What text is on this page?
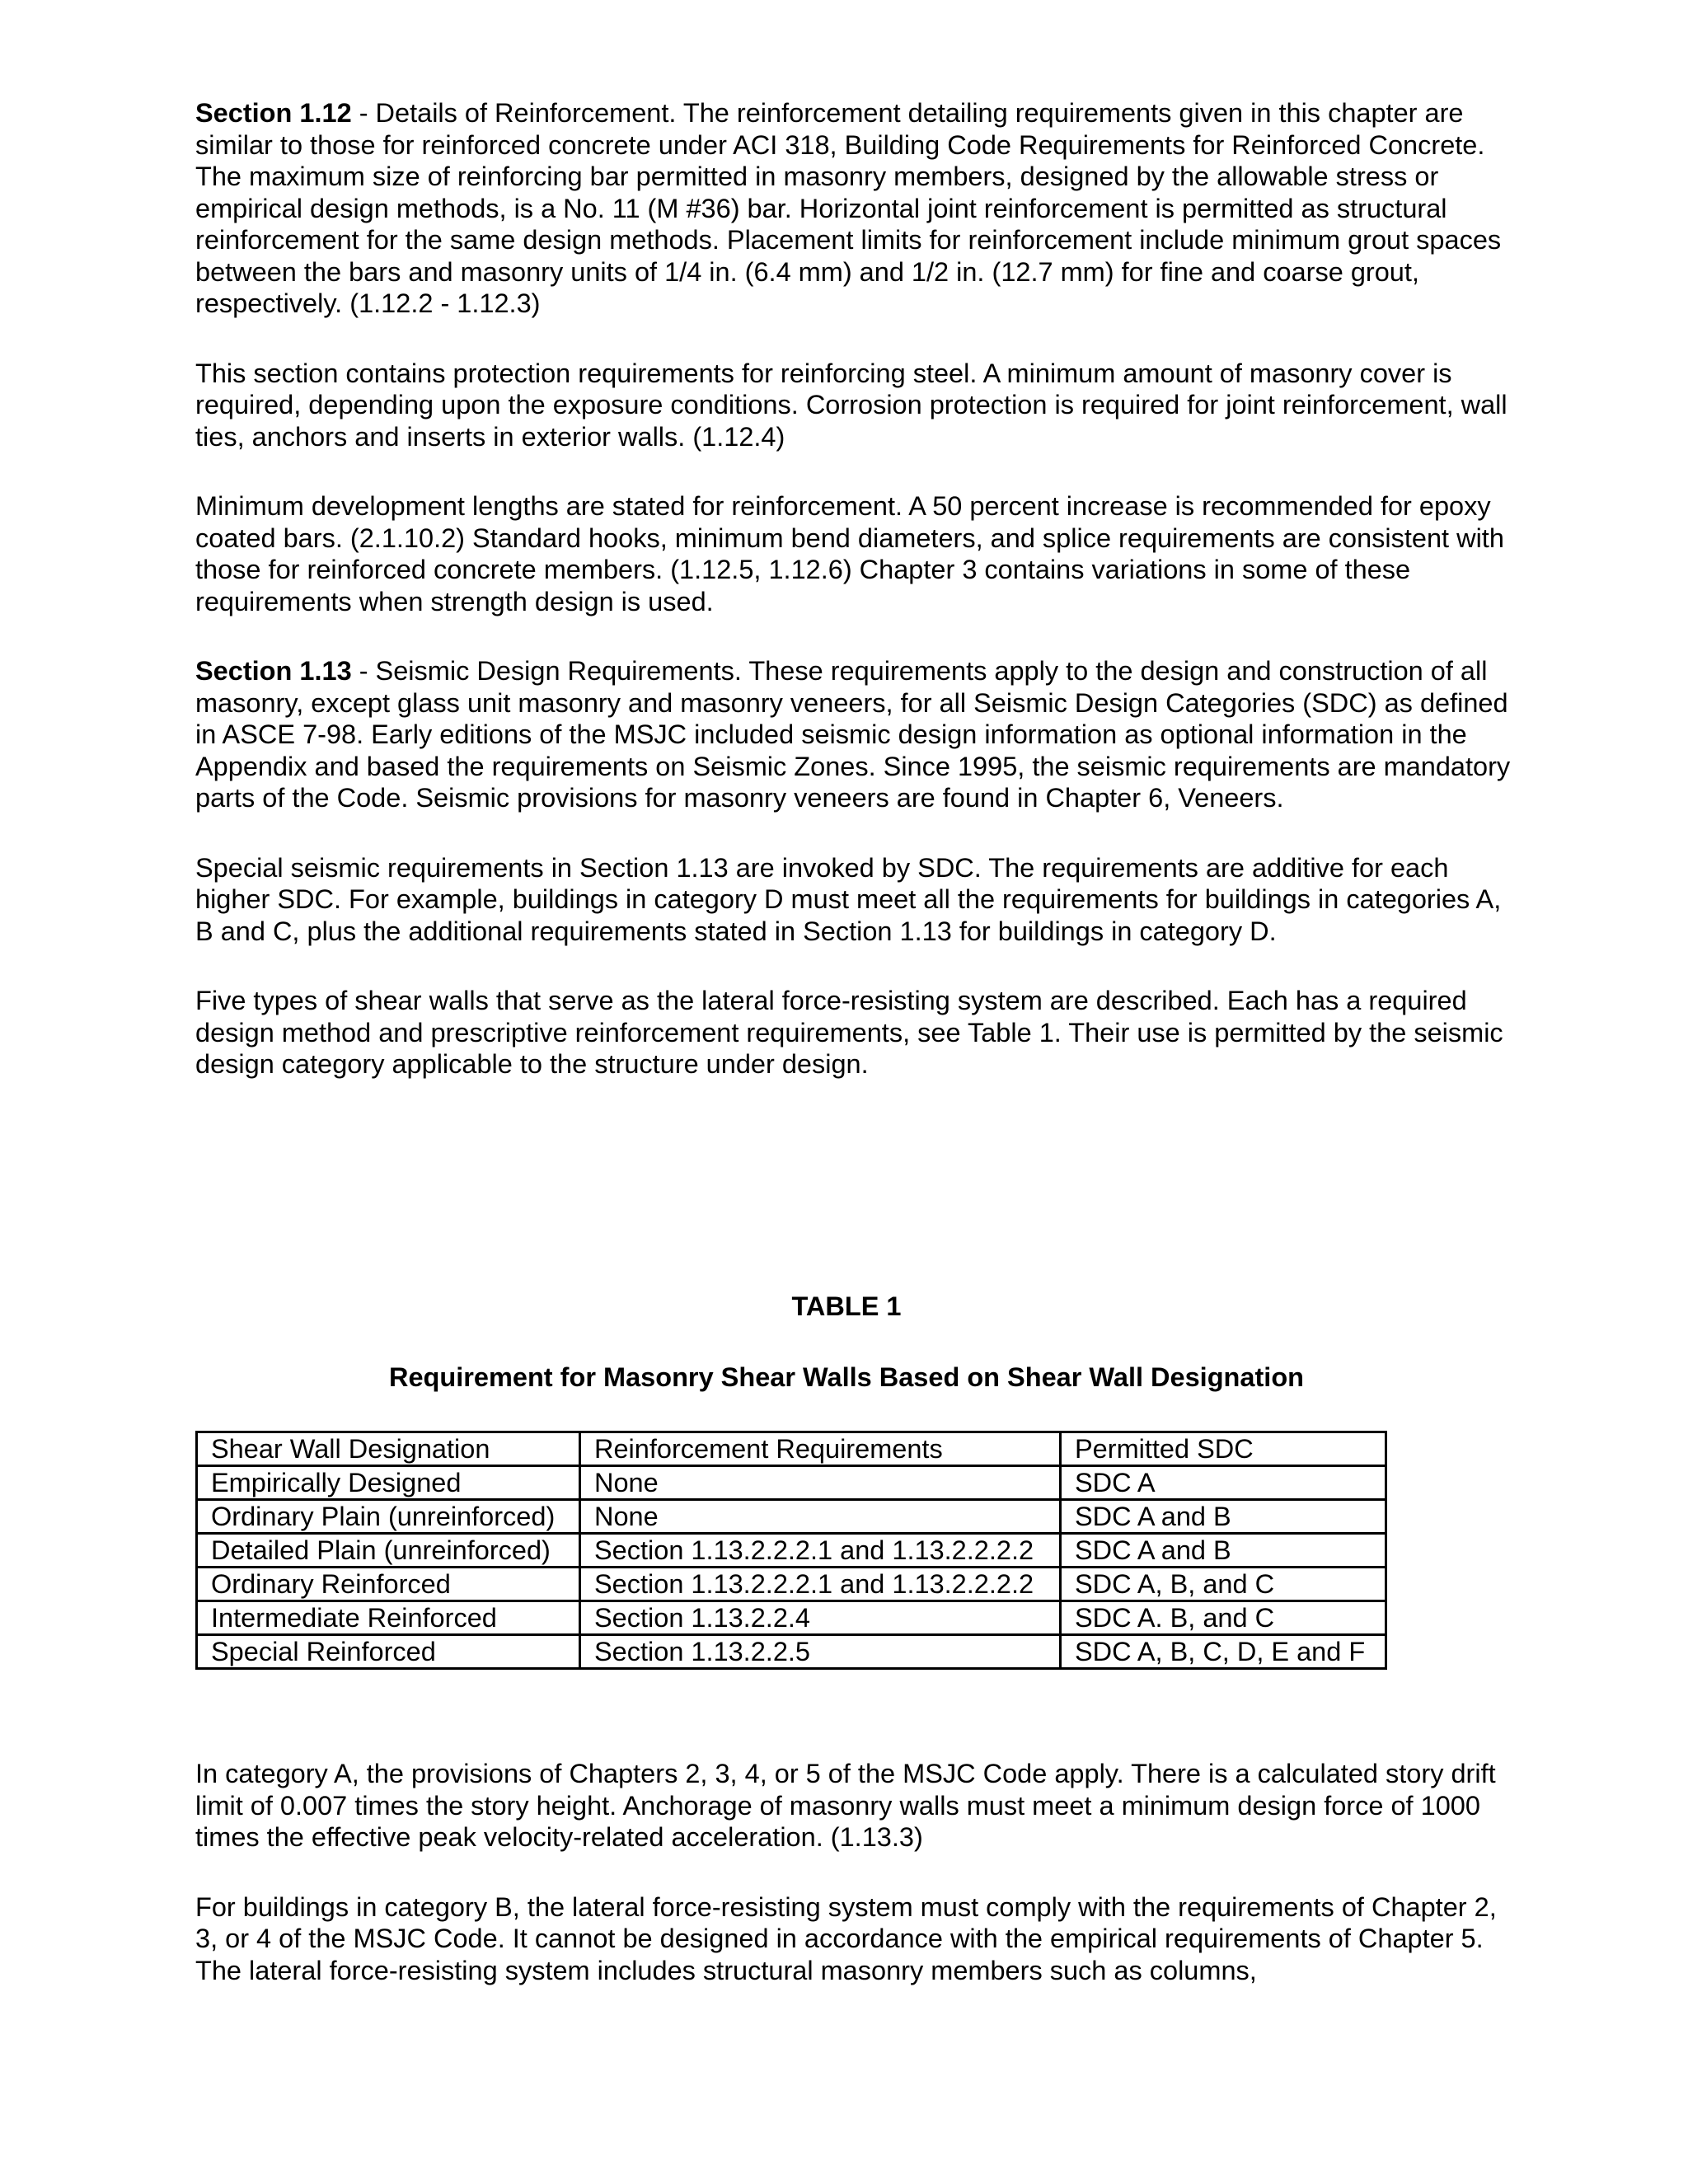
Section 1.12 - Details of Reinforcement. The reinforcement detailing requirements given in this chapter are similar to those for reinforced concrete under ACI 318, Building Code Requirements for Reinforced Concrete. The maximum size of reinforcing bar permitted in masonry members, designed by the allowable stress or empirical design methods, is a No. 11 (M #36) bar. Horizontal joint reinforcement is permitted as structural reinforcement for the same design methods. Placement limits for reinforcement include minimum grout spaces between the bars and masonry units of 1/4 in. (6.4 mm) and 1/2 in. (12.7 mm) for fine and coarse grout, respectively. (1.12.2 - 1.12.3)

This section contains protection requirements for reinforcing steel. A minimum amount of masonry cover is required, depending upon the exposure conditions. Corrosion protection is required for joint reinforcement, wall ties, anchors and inserts in exterior walls. (1.12.4)

Minimum development lengths are stated for reinforcement. A 50 percent increase is recommended for epoxy coated bars. (2.1.10.2) Standard hooks, minimum bend diameters, and splice requirements are consistent with those for reinforced concrete members. (1.12.5, 1.12.6) Chapter 3 contains variations in some of these requirements when strength design is used.

Section 1.13 - Seismic Design Requirements. These requirements apply to the design and construction of all masonry, except glass unit masonry and masonry veneers, for all Seismic Design Categories (SDC) as defined in ASCE 7-98. Early editions of the MSJC included seismic design information as optional information in the Appendix and based the requirements on Seismic Zones. Since 1995, the seismic requirements are mandatory parts of the Code. Seismic provisions for masonry veneers are found in Chapter 6, Veneers.

Special seismic requirements in Section 1.13 are invoked by SDC. The requirements are additive for each higher SDC. For example, buildings in category D must meet all the requirements for buildings in categories A, B and C, plus the additional requirements stated in Section 1.13 for buildings in category D.

Five types of shear walls that serve as the lateral force-resisting system are described. Each has a required design method and prescriptive reinforcement requirements, see Table 1. Their use is permitted by the seismic design category applicable to the structure under design.

TABLE 1
Requirement for Masonry Shear Walls Based on Shear Wall Designation
Shear Wall Designation	Reinforcement Requirements	Permitted SDC
Empirically Designed	None	SDC A
Ordinary Plain (unreinforced)	None	SDC A and B
Detailed Plain (unreinforced)	Section 1.13.2.2.2.1 and 1.13.2.2.2.2	SDC A and B
Ordinary Reinforced	Section 1.13.2.2.2.1 and 1.13.2.2.2.2	SDC A, B, and C
Intermediate Reinforced	Section 1.13.2.2.4	SDC A. B, and C
Special Reinforced	Section 1.13.2.2.5	SDC A, B, C, D, E and F

In category A, the provisions of Chapters 2, 3, 4, or 5 of the MSJC Code apply. There is a calculated story drift limit of 0.007 times the story height. Anchorage of masonry walls must meet a minimum design force of 1000 times the effective peak velocity-related acceleration. (1.13.3)

For buildings in category B, the lateral force-resisting system must comply with the requirements of Chapter 2, 3, or 4 of the MSJC Code. It cannot be designed in accordance with the empirical requirements of Chapter 5. The lateral force-resisting system includes structural masonry members such as columns,
